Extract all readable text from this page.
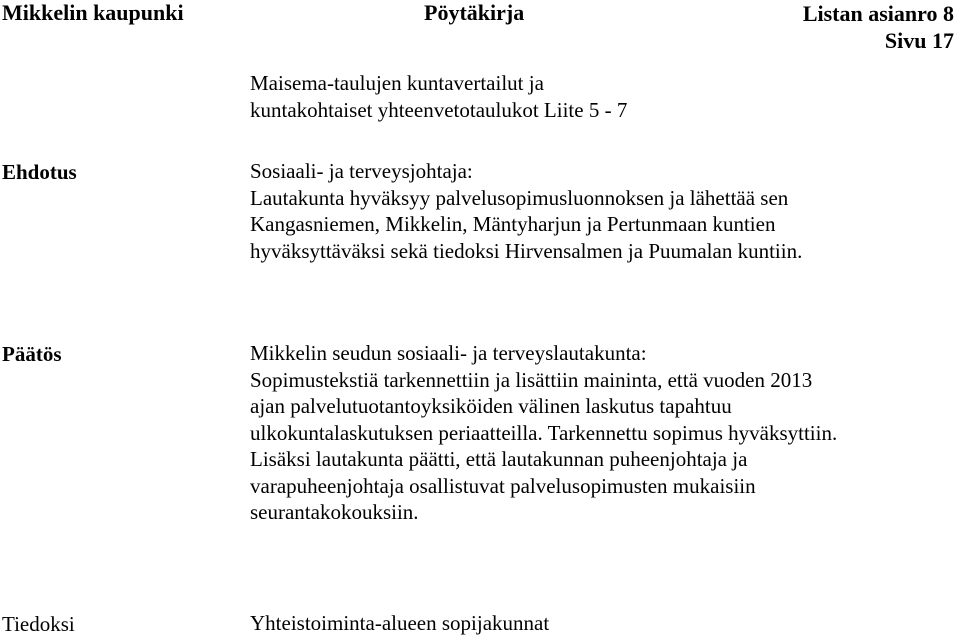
Mikkelin kaupunki	Pöytäkirja	Listan asianro 8
Sivu 17
Maisema-taulujen kuntavertailut ja
kuntakohtaiset yhteenvetotaulukot Liite 5 - 7
Ehdotus	Sosiaali- ja terveysjohtaja:
Lautakunta hyväksyy palvelusopimusluonnoksen ja lähettää sen
Kangasniemen, Mikkelin, Mäntyharjun ja Pertunmaan kuntien
hyväksyttäväksi sekä tiedoksi Hirvensalmen ja Puumalan kuntiin.
Päätös	Mikkelin seudun sosiaali- ja terveyslautakunta:
Sopimustekstiä tarkennettiin ja lisättiin maininta, että vuoden 2013
ajan palvelutuotantoyksiköiden välinen laskutus tapahtuu
ulkokuntalaskutuksen periaatteilla. Tarkennettu sopimus hyväksyttiin.
Lisäksi lautakunta päätti, että lautakunnan puheenjohtaja ja
varapuheenjohtaja osallistuvat palvelusopimusten mukaisiin
seurantakokouksiin.
Tiedoksi	Yhteistoiminta-alueen sopijakunnat
